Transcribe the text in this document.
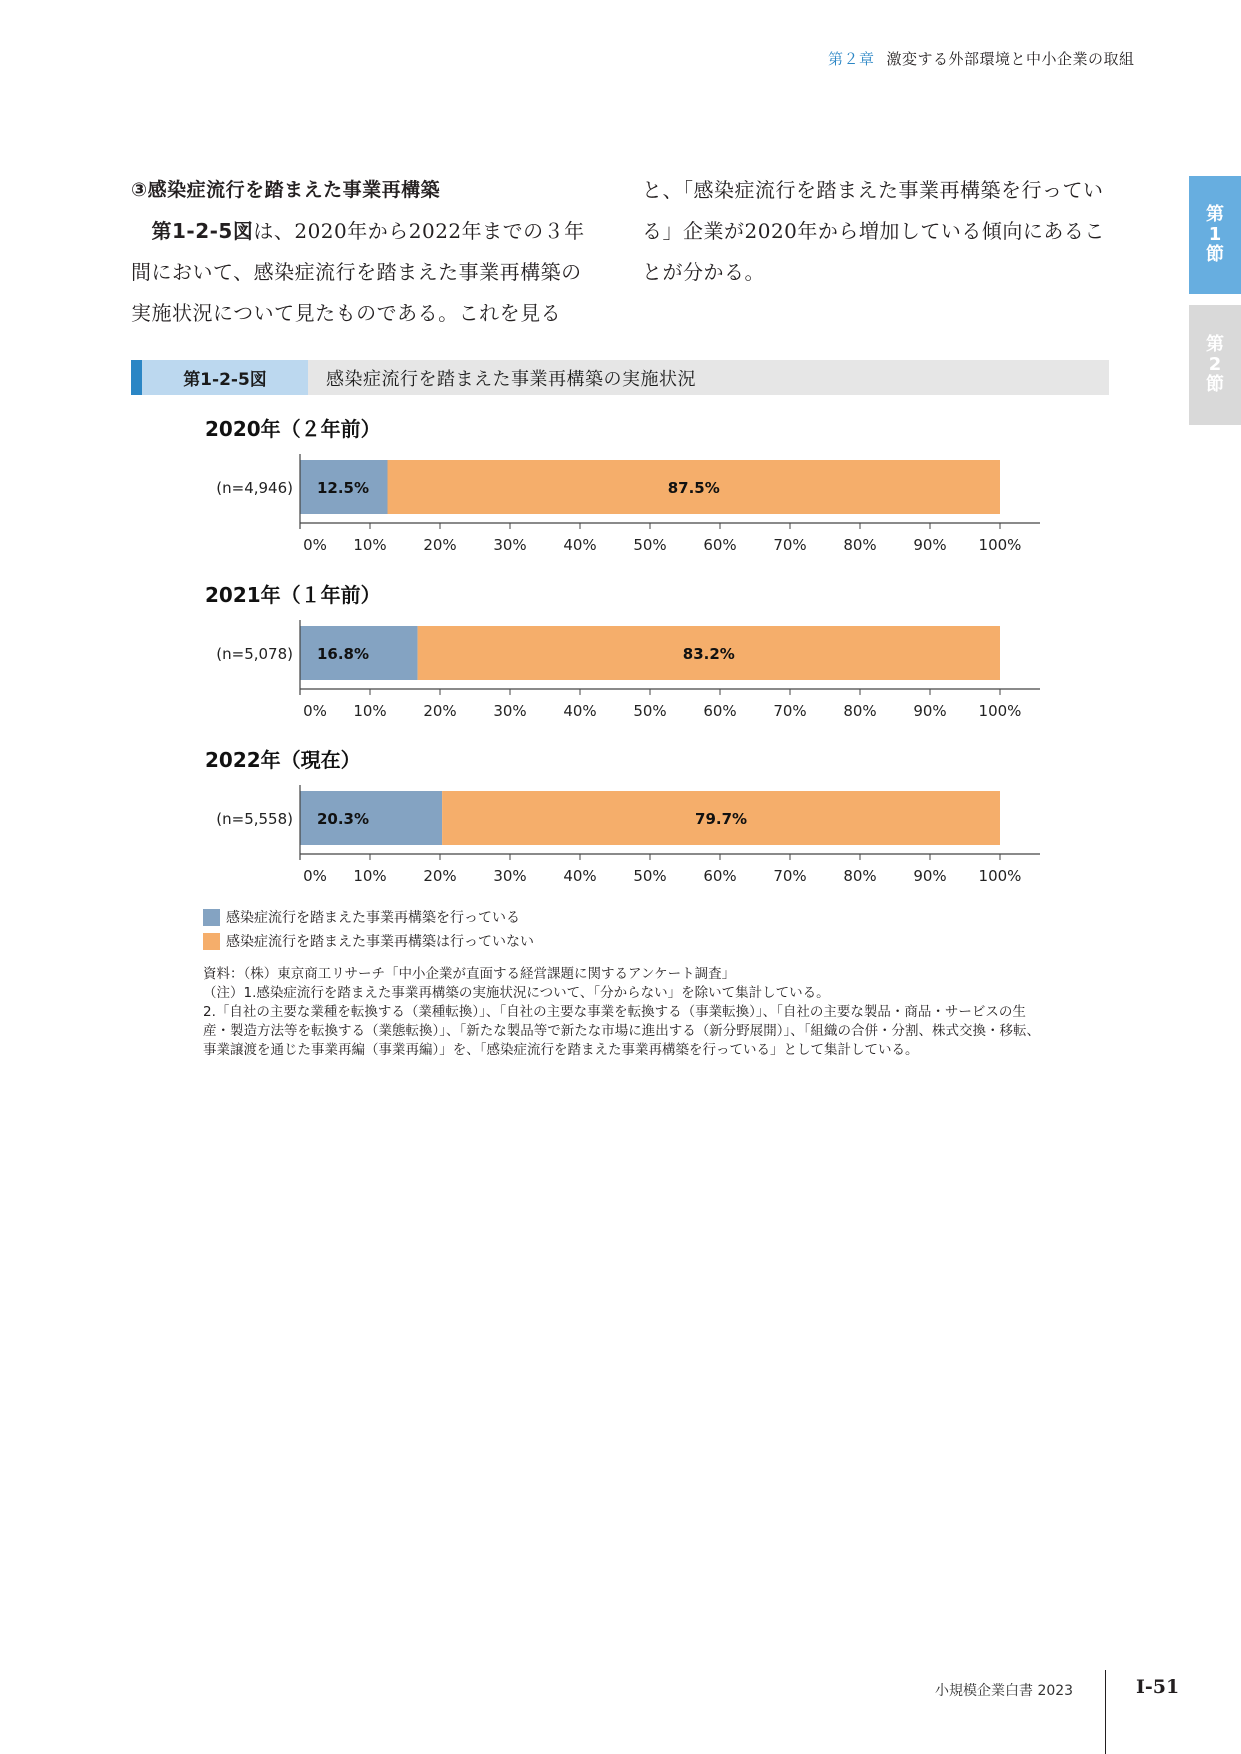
第２章 激変する外部環境と中小企業の取組
第
1
節
第
2
節
③感染症流行を踏まえた事業再構築
　第1-2-5図は、2020年から2022年までの３年間において、感染症流行を踏まえた事業再構築の実施状況について見たものである。これを見る
と、「感染症流行を踏まえた事業再構築を行っている」企業が2020年から増加している傾向にあることが分かる。
第1-2-5図	感染症流行を踏まえた事業再構築の実施状況
2020年（２年前）
(n=4,946) 12.5%	87.5%
0% 10% 20% 30% 40% 50% 60% 70% 80% 90% 100%
2021年（１年前）
(n=5,078) 16.8%	83.2%
0% 10% 20% 30% 40% 50% 60% 70% 80% 90% 100%
2022年（現在）
(n=5,558) 20.3%	79.7%
0% 10% 20% 30% 40% 50% 60% 70% 80% 90% 100%
感染症流行を踏まえた事業再構築を行っている
感染症流行を踏まえた事業再構築は行っていない
資料：（株）東京商工リサーチ「中小企業が直面する経営課題に関するアンケート調査」
（注）1.感染症流行を踏まえた事業再構築の実施状況について、「分からない」を除いて集計している。
2.「自社の主要な業種を転換する（業種転換）」、「自社の主要な事業を転換する（事業転換）」、「自社の主要な製品・商品・サービスの生産・製造方法等を転換する（業態転換）」、「新たな製品等で新たな市場に進出する（新分野展開）」、「組織の合併・分割、株式交換・移転、事業譲渡を通じた事業再編（事業再編）」を、「感染症流行を踏まえた事業再構築を行っている」として集計している。
小規模企業白書 2023	Ⅰ-51
